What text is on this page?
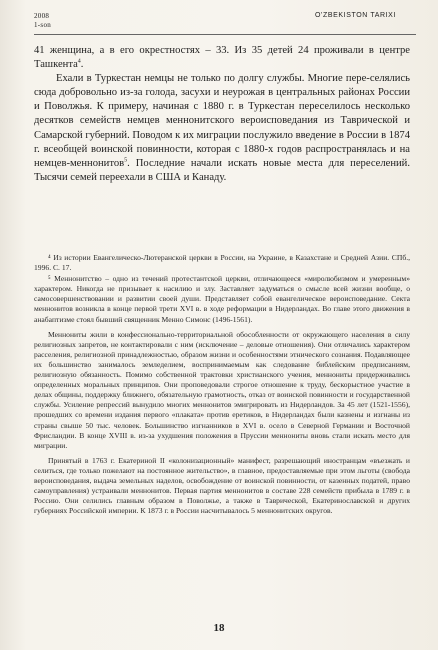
2008
1-son
O'ZBEKISTON TARIXI

41 женщина, а в его окрестностях – 33. Из 35 детей 24 проживали в центре Ташкента$^4$.

Ехали в Туркестан немцы не только по долгу службы. Многие пере-селялись сюда добровольно из-за голода, засухи и неурожая в центральных районах России и Поволжья. К примеру, начиная с 1880 г. в Туркестан переселилось несколько десятков семейств немцев меннонитского вероисповедания из Таврической и Самарской губерний. Поводом к их миграции послужило введение в России в 1874 г. всеобщей воинской повинности, которая с 1880-х годов распространялась и на немцев-меннонитов$^5$. Последние начали искать новые места для переселений. Тысячи семей переехали в США и Канаду.

⁴ Из истории Евангелическо-Лютеранской церкви в России, на Украине, в Казахстане и Средней Азии. СПб., 1996. С. 17.

⁵ Меннонитство – одно из течений протестантской церкви, отличающееся «миролюбизмом и умеренным» характером. Никогда не призывает к насилию и злу. Заставляет задуматься о смысле всей жизни вообще, о самосовершенствовании и развитии своей души. Представляет собой евангелическое вероисповедание. Секта меннонитов возникла в конце первой трети XVI в. в ходе реформации в Нидерландах. Во главе этого движения в анабаптизме стоял бывший священник Менно Симонс (1496-1561).

Меннониты жили в конфессионально-территориальной обособленности от окружающего населения в силу религиозных запретов, не контактировали с ним (исключение – деловые отношения). Они отличались характером расселения, религиозной принадлежностью, образом жизни и особенностями этнического сознания. Подавляющее их большинство занималось земледелием, воспринимаемым как следование библейским предписаниям, религиозную обязанность. Помимо собственной трактовки христианского учения, меннониты придерживались определенных моральных принципов. Они проповедовали строгое отношение к труду, бескорыстное участие в делах общины, поддержку ближнего, обязательную грамотность, отказ от воинской повинности и государственной службы. Усиление репрессий вынудило многих меннонитов эмигрировать из Нидерландов. За 45 лет (1521-1556), прошедших со времени издания первого «плаката» против еретиков, в Нидерландах были казнены и изгнаны из страны свыше 50 тыс. человек. Большинство изгнанников в XVI в. осело в Северной Германии и Восточной Фрисландии. В конце XVIII в. из-за ухудшения положения в Пруссии меннониты вновь стали искать место для миграции.

Принятый в 1763 г. Екатериной II «колонизационный» манифест, разрешающий иностранцам «въезжать и селиться, где только пожелают на постоянное жительство», в главное, предоставляемые при этом льготы (свобода вероисповедания, выдача земельных наделов, освобождение от воинской повинности, от казенных податей, право самоуправления) устраивали меннонитов. Первая партия меннонитов в составе 228 семейств прибыла в 1789 г. в Россию. Они селились главным образом в Поволжье, а также в Таврической, Екатеринославской и других губерниях Российской империи. К 1873 г. в России насчитывалось 5 меннонитских округов.

18
